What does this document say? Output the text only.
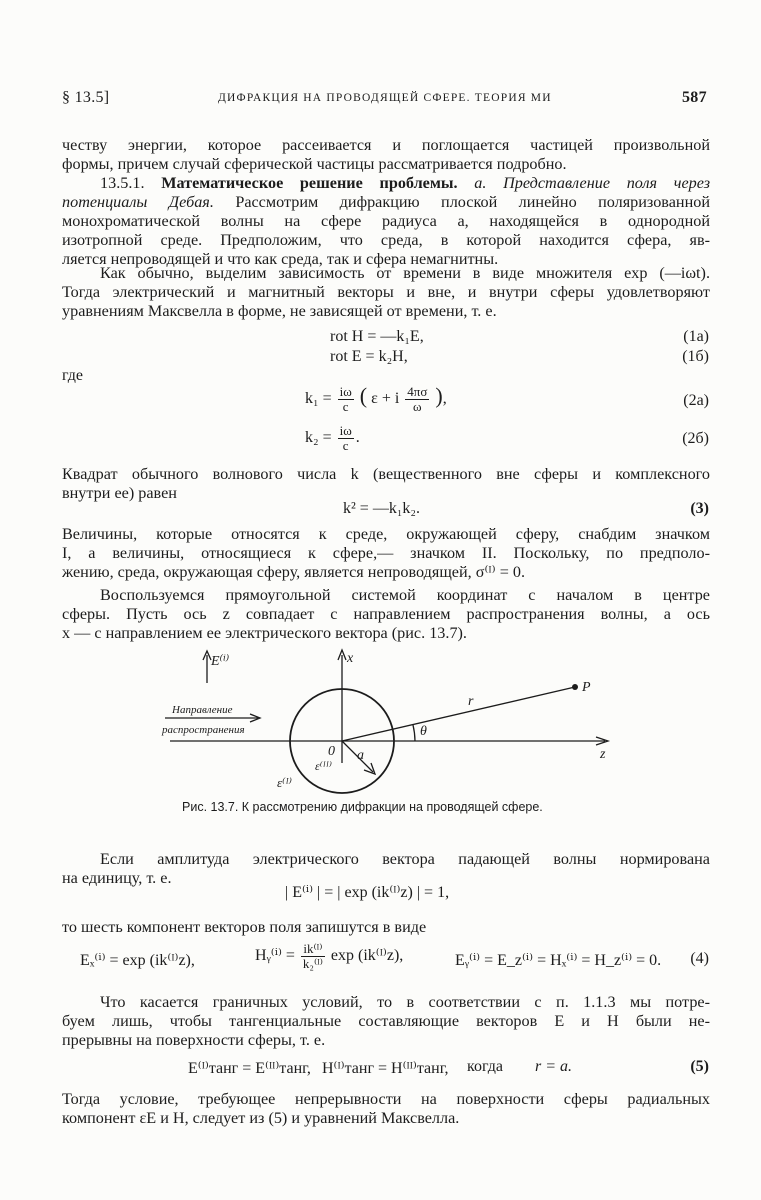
§ 13.5]	ДИФРАКЦИЯ НА ПРОВОДЯЩЕЙ СФЕРЕ. ТЕОРИЯ МИ	587
честву энергии, которое рассеивается и поглощается частицей произвольной
формы, причем случай сферической частицы рассматривается подробно.
13.5.1. Математическое решение проблемы. a. Представление поля через
потенциалы Дебая. Рассмотрим дифракцию плоской линейно поляризованной
монохроматической волны на сфере радиуса a, находящейся в однородной
изотропной среде. Предположим, что среда, в которой находится сфера, яв-
ляется непроводящей и что как среда, так и сфера немагнитны.
Как обычно, выделим зависимость от времени в виде множителя exp (—iωt).
Тогда электрический и магнитный векторы и вне, и внутри сферы удовлетворяют
уравнениям Максвелла в форме, не зависящей от времени, т. е.
rot H = —k₁E,	(1a)
rot E = k₂H,	(1б)
где
$k_1 = \frac{i\omega}{c}$ ( ε + i $\frac{4\pi\sigma}{\omega}$ ),	(2a)
$k_2 = \frac{i\omega}{c}$ .	(2б)
Квадрат обычного волнового числа k (вещественного вне сферы и комплексного
внутри ее) равен
k² = —k₁k₂.	(3)
Величины, которые относятся к среде, окружающей сферу, снабдим значком
I, а величины, относящиеся к сфере,— значком II. Поскольку, по предполо-
жению, среда, окружающая сферу, является непроводящей, σ⁽ᴵ⁾ = 0.
Воспользуемся прямоугольной системой координат с началом в центре
сферы. Пусть ось z совпадает с направлением распространения волны, а ось
x — с направлением ее электрического вектора (рис. 13.7).
E⁽ⁱ⁾	x
P
r
θ
0 a	z
ε⁽ᴵᴵ⁾
ε⁽ᴵ⁾
Направление
распространения
Рис. 13.7. К рассмотрению дифракции на проводящей сфере.
Если амплитуда электрического вектора падающей волны нормирована
на единицу, т. е.
| E⁽ⁱ⁾ | = | exp (ik⁽ᴵ⁾z) | = 1,
то шесть компонент векторов поля запишутся в виде
Eₓ⁽ⁱ⁾ = exp (ik⁽ᴵ⁾z),	Hᵧ⁽ⁱ⁾ = $\frac{\text{ik⁽ᴵ⁾}}{\text{k₂⁽ᴵ⁾}}$ exp (ik⁽ᴵ⁾z),	Eᵧ⁽ⁱ⁾ = E_z⁽ⁱ⁾ = Hₓ⁽ⁱ⁾ = H_z⁽ⁱ⁾ = 0. (4)
Что касается граничных условий, то в соответствии с п. 1.1.3 мы потре-
буем лишь, чтобы тангенциальные составляющие векторов E и H были не-
прерывны на поверхности сферы, т. е.
E⁽ᴵ⁾танг = E⁽ᴵᴵ⁾танг, H⁽ᴵ⁾танг = H⁽ᴵᴵ⁾танг, когда r = a.	(5)
Тогда условие, требующее непрерывности на поверхности сферы радиальных
компонент εE и H, следует из (5) и уравнений Максвелла.
